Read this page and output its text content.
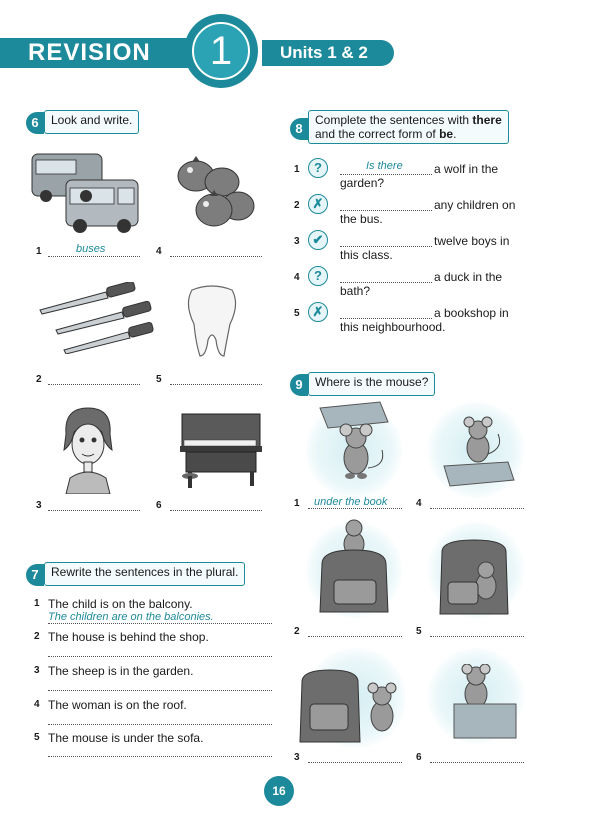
REVISION	1	Units 1 & 2
6	Look and write.
1	buses	4
2	5
3	6
7	Rewrite the sentences in the plural.
1 The child is on the balcony.
The children are on the balconies.
2 The house is behind the shop.
3 The sheep is in the garden.
4 The woman is on the roof.
5 The mouse is under the sofa.
8
Complete the sentences with there
and the correct form of be.
1	?	Is there	a wolf in the
garden?
2 ✗	any children on
the bus.
3 ✔	twelve boys in
this class.
4	?	a duck in the
bath?
5 ✗	a bookshop in
this neighbourhood.
9	Where is the mouse?
1 under the book	4
2	5
3	6
16
